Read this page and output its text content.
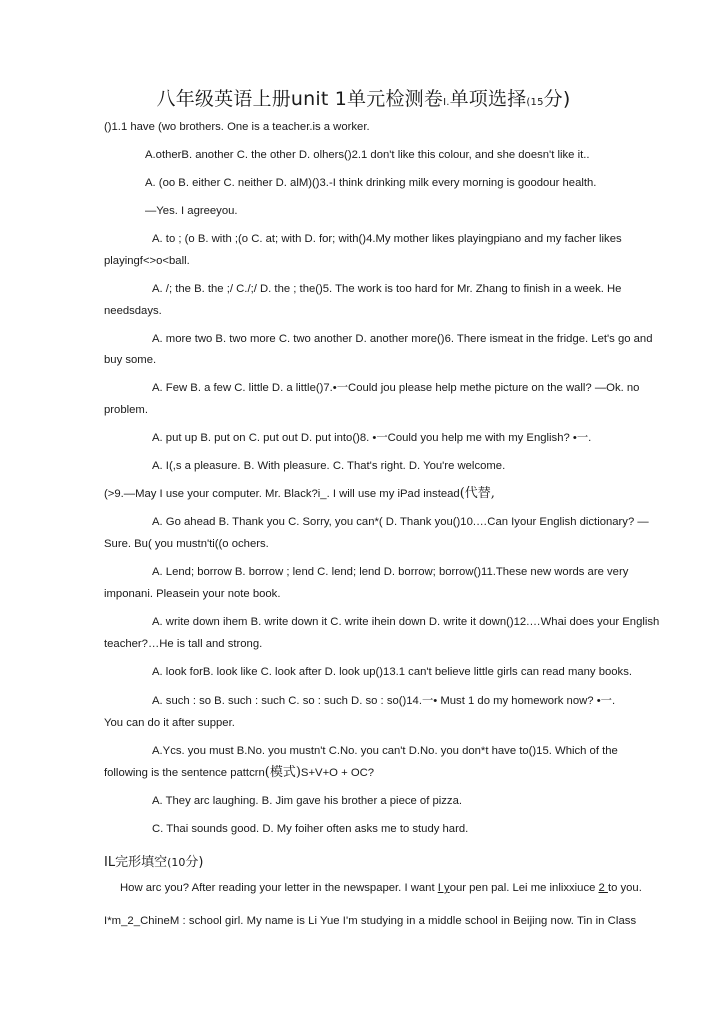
八年级英语上册unit 1单元检测卷I.单项选择(15分)
()1.1 have (wo brothers. One is a teacher.is a worker.
A.otherB. another C. the other D. olhers()2.1 don't like this colour, and she doesn't like it..
A. (oo B. either C. neither D. alM)()3.-I think drinking milk every morning is goodour health.
—Yes. I agreeyou.
A. to ; (o B. with ;(o C. at; with D. for; with()4.My mother likes playingpiano and my facher likes
playingf<>o<ball.
A. /; the B. the ;/ C./;/ D. the ; the()5. The work is too hard for Mr. Zhang to finish in a week. He
needsdays.
A. more two B. two more C. two another D. another more()6. There ismeat in the fridge. Let's go and
buy some.
A. Few B. a few C. little D. a little()7.•一Could jou please help methe picture on the wall? —Ok. no
problem.
A. put up B. put on C. put out D. put into()8. •一Could you help me with my English? •一.
A. I(,s a pleasure. B. With pleasure. C. That's right. D. You're welcome.
(>9.—May I use your computer. Mr. Black?i_. I will use my iPad instead(代替,
A. Go ahead B. Thank you C. Sorry, you can*( D. Thank you()10.…Can Iyour English dictionary? —
Sure. Bu( you mustn'ti((o ochers.
A. Lend; borrow B. borrow ; lend C. lend; lend D. borrow; borrow()11.These new words are very
imponani. Pleasein your note book.
A. write down ihem B. write down it C. write ihein down D. write it down()12.…Whai does your English
teacher?…He is tall and strong.
A. look forB. look like C. look after D. look up()13.1 can't believe little girls can read many books.
A. such : so B. such : such C. so : such D. so : so()14.一• Must 1 do my homework now? •一.
You can do it after supper.
A.Ycs. you must B.No. you mustn't C.No. you can't D.No. you don*t have to()15. Which of the
following is the sentence pattcrn(模式)S+V+O + OC?
A. They arc laughing. B. Jim gave his brother a piece of pizza.
C. Thai sounds good. D. My foiher often asks me to study hard.
IL完形填空(10分)
How arc you? After reading your letter in the newspaper. I want I your pen pal. Lei me inlixxiuce 2 to you.
I*m_2_ChineM : school girl. My name is Li Yue I'm studying in a middle school in Beijing now. Tin in Class
